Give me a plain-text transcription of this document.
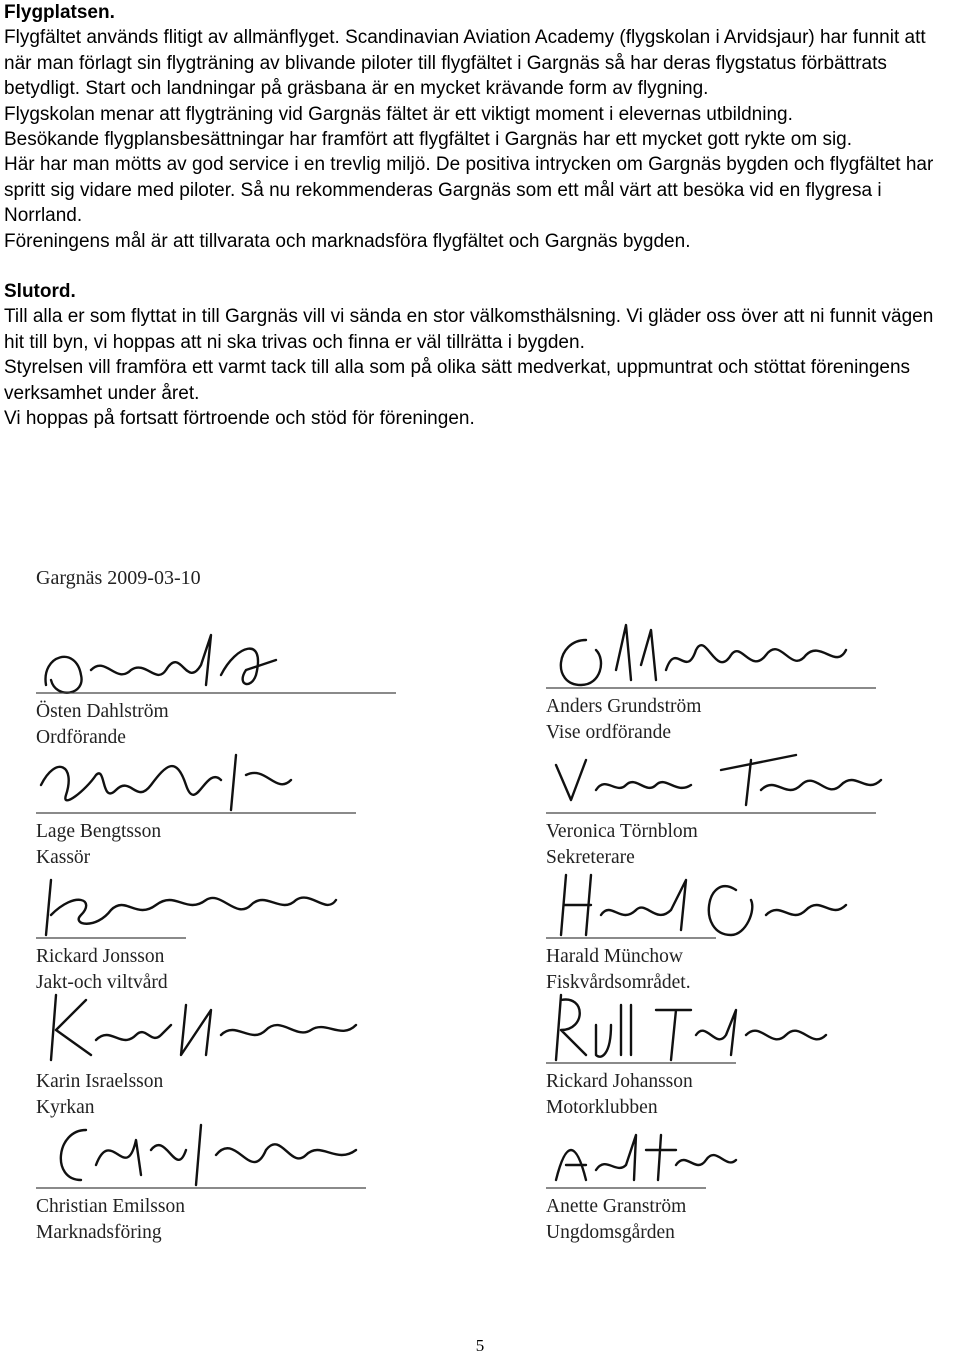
Flygplatsen.

Flygfältet används flitigt av allmänflyget. Scandinavian Aviation Academy (flygskolan i Arvidsjaur) har funnit att när man förlagt sin flygträning av blivande piloter till flygfältet i Gargnäs så har deras flygstatus förbättrats betydligt. Start och landningar på gräsbana är en mycket krävande form av flygning.

Flygskolan menar att flygträning vid Gargnäs fältet är ett viktigt moment i elevernas utbildning.

Besökande flygplansbesättningar har framfört att flygfältet i Gargnäs har ett mycket gott rykte om sig.

Här har man mötts av god service i en trevlig miljö. De positiva intrycken om Gargnäs bygden och flygfältet har spritt sig vidare med piloter. Så nu rekommenderas Gargnäs som ett mål värt att besöka vid en flygresa i Norrland.

Föreningens mål är att tillvarata och marknadsföra flygfältet och Gargnäs bygden.

Slutord.

Till alla er som flyttat in till Gargnäs vill vi sända en stor välkomsthälsning. Vi gläder oss över att ni funnit vägen hit till byn, vi hoppas att ni ska trivas och finna er väl tillrätta i bygden.

Styrelsen vill framföra ett varmt tack till alla som på olika sätt medverkat, uppmuntrat och stöttat föreningens verksamhet under året.

Vi hoppas på fortsatt förtroende och stöd för föreningen.

Gargnäs 2009-03-10
Östen Dahlström
Ordförande
Lage Bengtsson
Kassör
Rickard Jonsson
Jakt-och viltvård
Karin Israelsson
Kyrkan
Christian Emilsson
Marknadsföring
Anders Grundström
Vise ordförande
Veronica Törnblom
Sekreterare
Harald Münchow
Fiskvårdsområdet.
Rickard Johansson
Motorklubben
Anette Granström
Ungdomsgården
5
